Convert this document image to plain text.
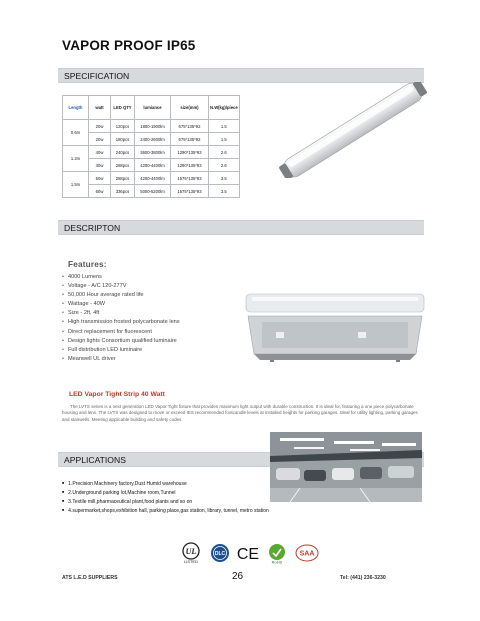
VAPOR PROOF IP65
SPECIFICATION
Length	watt	LED QTY	lumiance	size(mm)	N.W(kg)/piece
0.6m	20w	120pcs	1800-1900lm	675*135*92	1.5
	20w	180pcs	2400-2600lm	675*135*92	1.5
1.2m	40w	240pcs	3600-3800lm	1290*135*93	2.6
	40w	288pcs	4200-4400lm	1290*135*93	2.6
1.5m	50w	288pcs	4200-4400lm	1575*135*93	3.5
	60w	336pcs	5000-5200lm	1575*135*93	3.5
DESCRIPTON
Features:
• 4000 Lumens
• Voltage - A/C 120-277V
• 50,000 Hour average rated life
• Wattage - 40W
• Size - 2ft, 4ft
• High transmission frosted polycarbonate lens
• Direct replacement for fluorescent
• Design lights Consortium qualified luminaire
• Full distribution LED luminaire
• Meanwell UL driver
LED Vapor Tight Strip 40 Watt
The LVTS series is a next generation LED Vapor Tight fixture that provides maximum light output with durable construction. It is ideal for, featuring a one piece polycarbonate housing and lens. The LVTS was designed to move or exceed IES recommended footcandle levels at installed heights for parking garages. Ideal for utility lighting, parking garages and stairwells. Meeting applicable building and safety codes
APPLICATIONS
■ 1.Precision Machinery factory,Dust Humid warehouse
■ 2.Underground parking lot,Machine room,Tunnel
■ 3.Textile mill,pharmaceutical plant,food plants and so on
■ 4.supermarket,shops,exhibition hall, parking place,gas station, library, tunnel, metro station
UL
LISTED
DLC CE	RoHS
SAA
ATS L.E.D SUPPLIERS	26	Tel: (441) 236-3230
